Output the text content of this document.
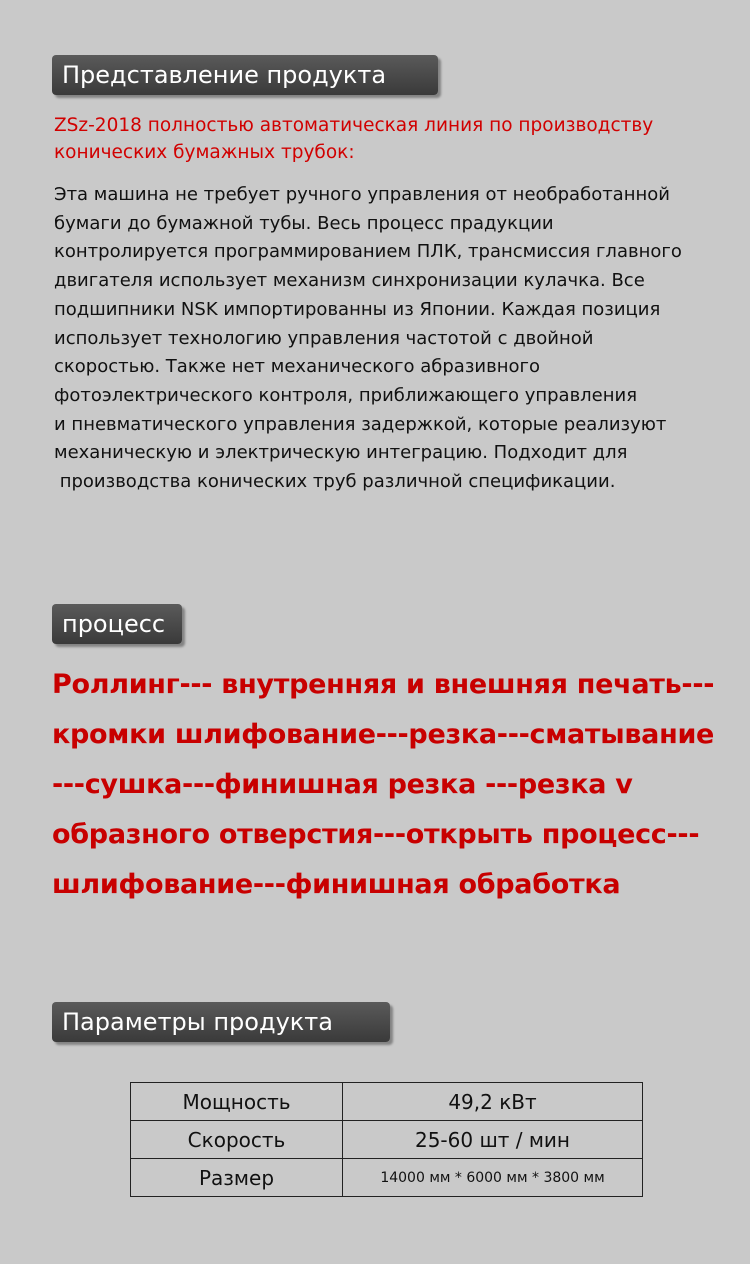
Представление продукта
ZSz-2018 полностью автоматическая линия по производству конических бумажных трубок:
Эта машина не требует ручного управления от необработанной
бумаги до бумажной тубы. Весь процесс прадукции
контролируется программированием ПЛК, трансмиссия главного
двигателя использует механизм синхронизации кулачка. Все
подшипники NSK импортированны из Японии. Каждая позиция
использует технологию управления частотой с двойной
скоростью. Также нет механического абразивного
фотоэлектрического контроля, приближающего управления
и пневматического управления задержкой, которые реализуют
механическую и электрическую интеграцию. Подходит для
производства конических труб различной спецификации.
процесс
Роллинг--- внутренняя и внешняя печать---
кромки шлифование---резка---сматывание
---сушка---финишная резка ---резка v
образного отверстия---открыть процесс---
шлифование---финишная обработка
Параметры продукта
Мощность	49,2 кВт
Скорость	25-60 шт / мин
Размер	14000 мм * 6000 мм * 3800 мм
